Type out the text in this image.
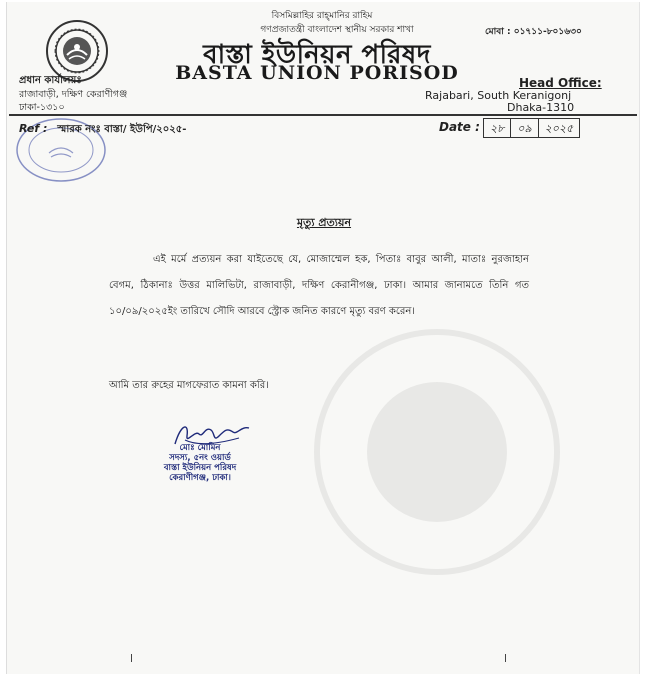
বিসমিল্লাহির রাহ্‌মানির রাহিম
গণপ্রজাতন্ত্রী বাংলাদেশ স্থানীয় সরকার শাখা	মোবা : ০১৭১১-৮০১৬৩০
বাস্তা ইউনিয়ন পরিষদ
BASTA UNION PORISOD
প্রধান কার্যালয়ঃ
রাজাবাড়ী, দক্ষিণ কেরাণীগঞ্জ
ঢাকা-১৩১০
Head Office:
Rajabari, South Keranigonj
Dhaka-1310
Ref : স্মারক নংঃ বাস্তা/ ইউপি/২০২৫-	Date : ২৮	০৯	২০২৫
মৃত্যু প্রত্যয়ন
এই মর্মে প্রত্যয়ন করা যাইতেছে যে, মোজাম্মেল হক, পিতাঃ বাবুর আলী, মাতাঃ নুরজাহান বেগম, ঠিকানাঃ উত্তর মালিভিটা, রাজাবাড়ী, দক্ষিণ কেরানীগঞ্জ, ঢাকা। আমার জানামতে তিনি গত ১০/০৯/২০২৫ইং তারিখে সৌদি আরবে স্ট্রোক জনিত কারণে মৃত্যু বরণ করেন।
আমি তার রুহের মাগফেরাত কামনা করি।
মোঃ মোমিন
সদস্য, ৫নং ওয়ার্ড
বাস্তা ইউনিয়ন পরিষদ
কেরাণীগঞ্জ, ঢাকা।
